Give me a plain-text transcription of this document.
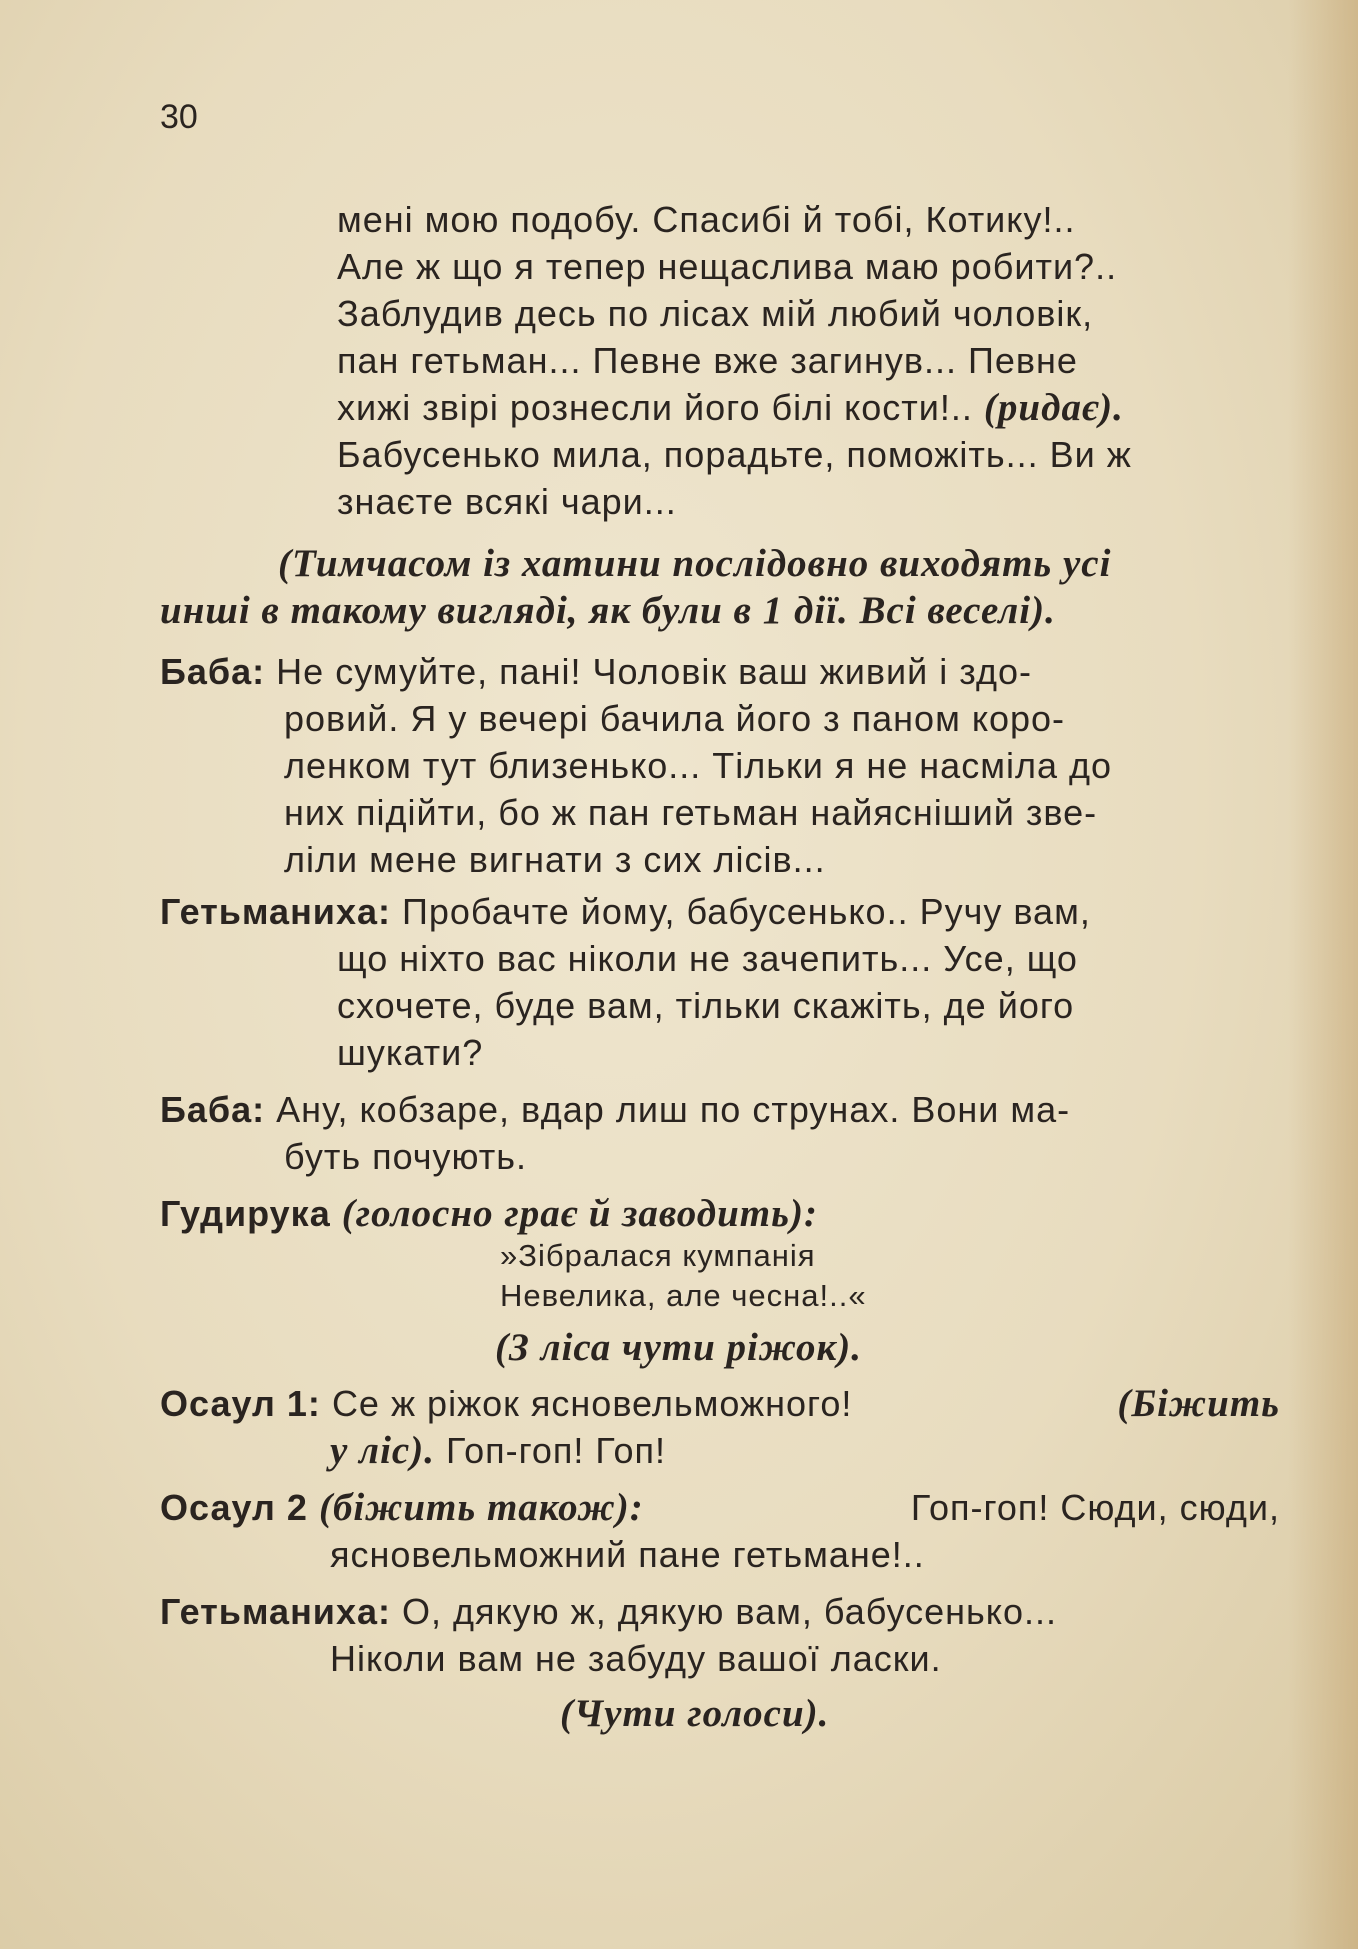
30
мені мою подобу. Спасибі й тобі, Котику!..
Але ж що я тепер нещаслива маю робити?..
Заблудив десь по лісах мій любий чоловік,
пан гетьман... Певне вже загинув... Певне
хижі звірі рознесли його білі кости!.. (ридає).
Бабусенько мила, порадьте, поможіть... Ви ж
знаєте всякі чари...
(Тимчасом із хатини послідовно виходять усі
инші в такому вигляді, як були в 1 дії. Всі веселі).
Баба: Не сумуйте, пані! Чоловік ваш живий і здо-
ровий. Я у вечері бачила його з паном коро-
ленком тут близенько... Тільки я не насміла до
них підійти, бо ж пан гетьман найясніший зве-
ліли мене вигнати з сих лісів...
Гетьманиха: Пробачте йому, бабусенько.. Ручу вам,
що ніхто вас ніколи не зачепить... Усе, що
схочете, буде вам, тільки скажіть, де його
шукати?
Баба: Ану, кобзаре, вдар лиш по струнах. Вони ма-
буть почують.
Гудирука (голосно грає й заводить):
»Зібралася кумпанія
Невелика, але чесна!..«
(З ліса чути ріжок).
Осаул 1: Се ж ріжок ясновельможного!	(Біжить
у ліс). Гоп-гоп! Гоп!
Осаул 2 (біжить також):	Гоп-гоп! Сюди, сюди,
ясновельможний пане гетьмане!..
Гетьманиха: О, дякую ж, дякую вам, бабусенько...
Ніколи вам не забуду вашої ласки.
(Чути голоси).
